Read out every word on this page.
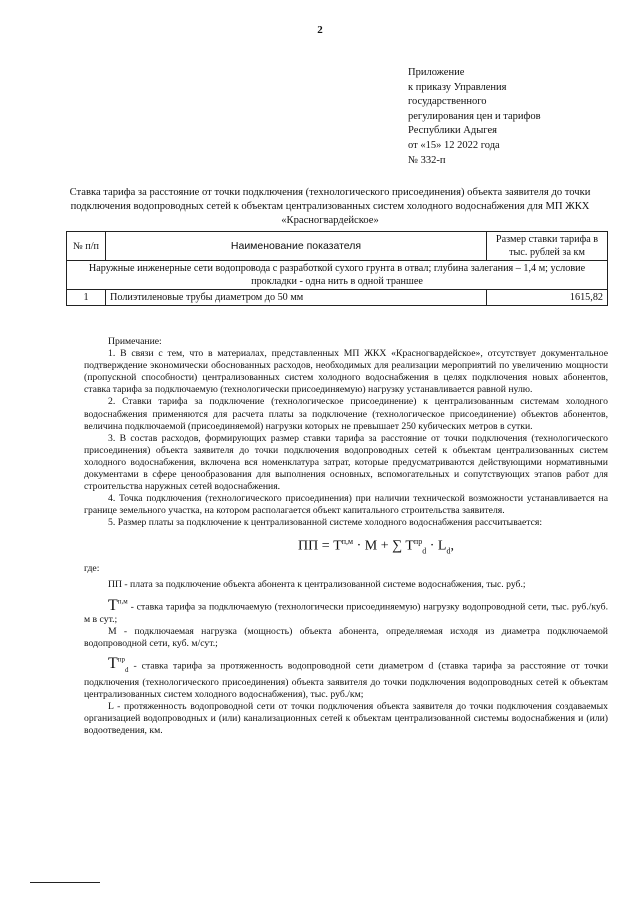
2
Приложение
к приказу Управления
государственного
регулирования цен и тарифов
Республики Адыгея
от «15» 12 2022 года
№ 332-п
Ставка тарифа за расстояние от точки подключения (технологического присоединения) объекта заявителя до точки подключения водопроводных сетей к объектам централизованных систем холодного водоснабжения для МП ЖКХ «Красногвардейское»
№ п/п	Наименование показателя	Размер ставки тарифа в тыс. рублей за км
Наружные инженерные сети водопровода с разработкой сухого грунта в отвал; глубина залегания – 1,4 м; условие прокладки - одна нить в одной траншее		
1	Полиэтиленовые трубы диаметром до 50 мм	1615,82

Примечание:

1. В связи с тем, что в материалах, представленных МП ЖКХ «Красногвардейское», отсутствует документальное подтверждение экономически обоснованных расходов, необходимых для реализации мероприятий по увеличению мощности (пропускной способности) централизованных систем холодного водоснабжения в целях подключения новых абонентов, ставка тарифа за подключаемую (технологически присоединяемую) нагрузку устанавливается равной нулю.

2. Ставки тарифа за подключение (технологическое присоединение) к централизованным системам холодного водоснабжения применяются для расчета платы за подключение (технологическое присоединение) объектов абонентов, величина подключаемой (присоединяемой) нагрузки которых не превышает 250 кубических метров в сутки.

3. В состав расходов, формирующих размер ставки тарифа за расстояние от точки подключения (технологического присоединения) объекта заявителя до точки подключения водопроводных сетей к объектам централизованных систем холодного водоснабжения, включена вся номенклатура затрат, которые предусматриваются действующими нормативными документами в сфере ценообразования для выполнения основных, вспомогательных и сопутствующих этапов работ для строительства наружных сетей водоснабжения.

4. Точка подключения (технологического присоединения) при наличии технической возможности устанавливается на границе земельного участка, на котором располагается объект капитального строительства заявителя.

5. Размер платы за подключение к централизованной системе холодного водоснабжения рассчитывается:

ПП = $T^{п,м} \cdot M$ + ∑ $T^{пр}_d \cdot L_d$,

где:

ПП - плата за подключение объекта абонента к централизованной системе водоснабжения, тыс. руб.;

$T^{п,м}$ - ставка тарифа за подключаемую (технологически присоединяемую) нагрузку водопроводной сети, тыс. руб./куб. м в сут.;

М - подключаемая нагрузка (мощность) объекта абонента, определяемая исходя из диаметра подключаемой водопроводной сети, куб. м/сут.;

$T^{пр}_d$ - ставка тарифа за протяженность водопроводной сети диаметром d (ставка тарифа за расстояние от точки подключения (технологического присоединения) объекта заявителя до точки подключения водопроводных сетей к объектам централизованных систем холодного водоснабжения), тыс. руб./км;

L - протяженность водопроводной сети от точки подключения объекта заявителя до точки подключения создаваемых организацией водопроводных и (или) канализационных сетей к объектам централизованной системы водоснабжения и (или) водоотведения, км.
